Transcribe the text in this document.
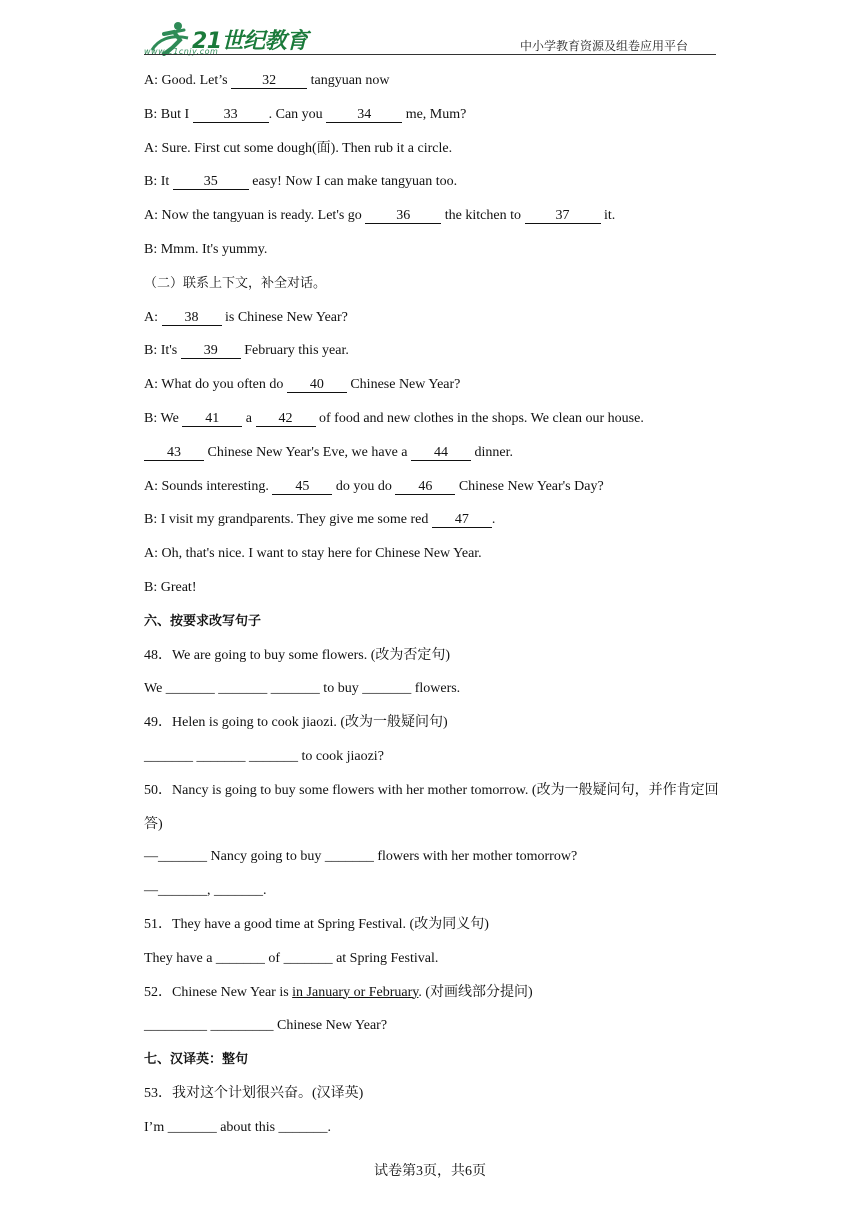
21世纪教育
www.21cnjy.com	中小学教育资源及组卷应用平台
A: Good. Let’s 32 tangyuan now
B: But I 33 . Can you 34 me, Mum?
A: Sure. First cut some dough(面). Then rub it a circle.
B: It 35 easy! Now I can make tangyuan too.
A: Now the tangyuan is ready. Let's go 36 the kitchen to 37 it.
B: Mmm. It's yummy.
（二）联系上下文，补全对话。
A: 38 is Chinese New Year?
B: It's 39 February this year.
A: What do you often do 40 Chinese New Year?
B: We 41 a 42 of food and new clothes in the shops. We clean our house.
43 Chinese New Year's Eve, we have a 44 dinner.
A: Sounds interesting. 45 do you do 46 Chinese New Year's Day?
B: I visit my grandparents. They give me some red 47 .
A: Oh, that's nice. I want to stay here for Chinese New Year.
B: Great!
六、按要求改写句子
48．We are going to buy some flowers. (改为否定句)
We _______ _______ _______ to buy _______ flowers.
49．Helen is going to cook jiaozi. (改为一般疑问句)
_______ _______ _______ to cook jiaozi?
50．Nancy is going to buy some flowers with her mother tomorrow. (改为一般疑问句，并作肯定回答)
—_______ Nancy going to buy _______ flowers with her mother tomorrow?
—_______, _______.
51．They have a good time at Spring Festival. (改为同义句)
They have a _______ of _______ at Spring Festival.
52．Chinese New Year is in January or February. (对画线部分提问)
_________ _________ Chinese New Year?
七、汉译英：整句
53．我对这个计划很兴奋。(汉译英)
I’m _______ about this _______.
试卷第3页，共6页
